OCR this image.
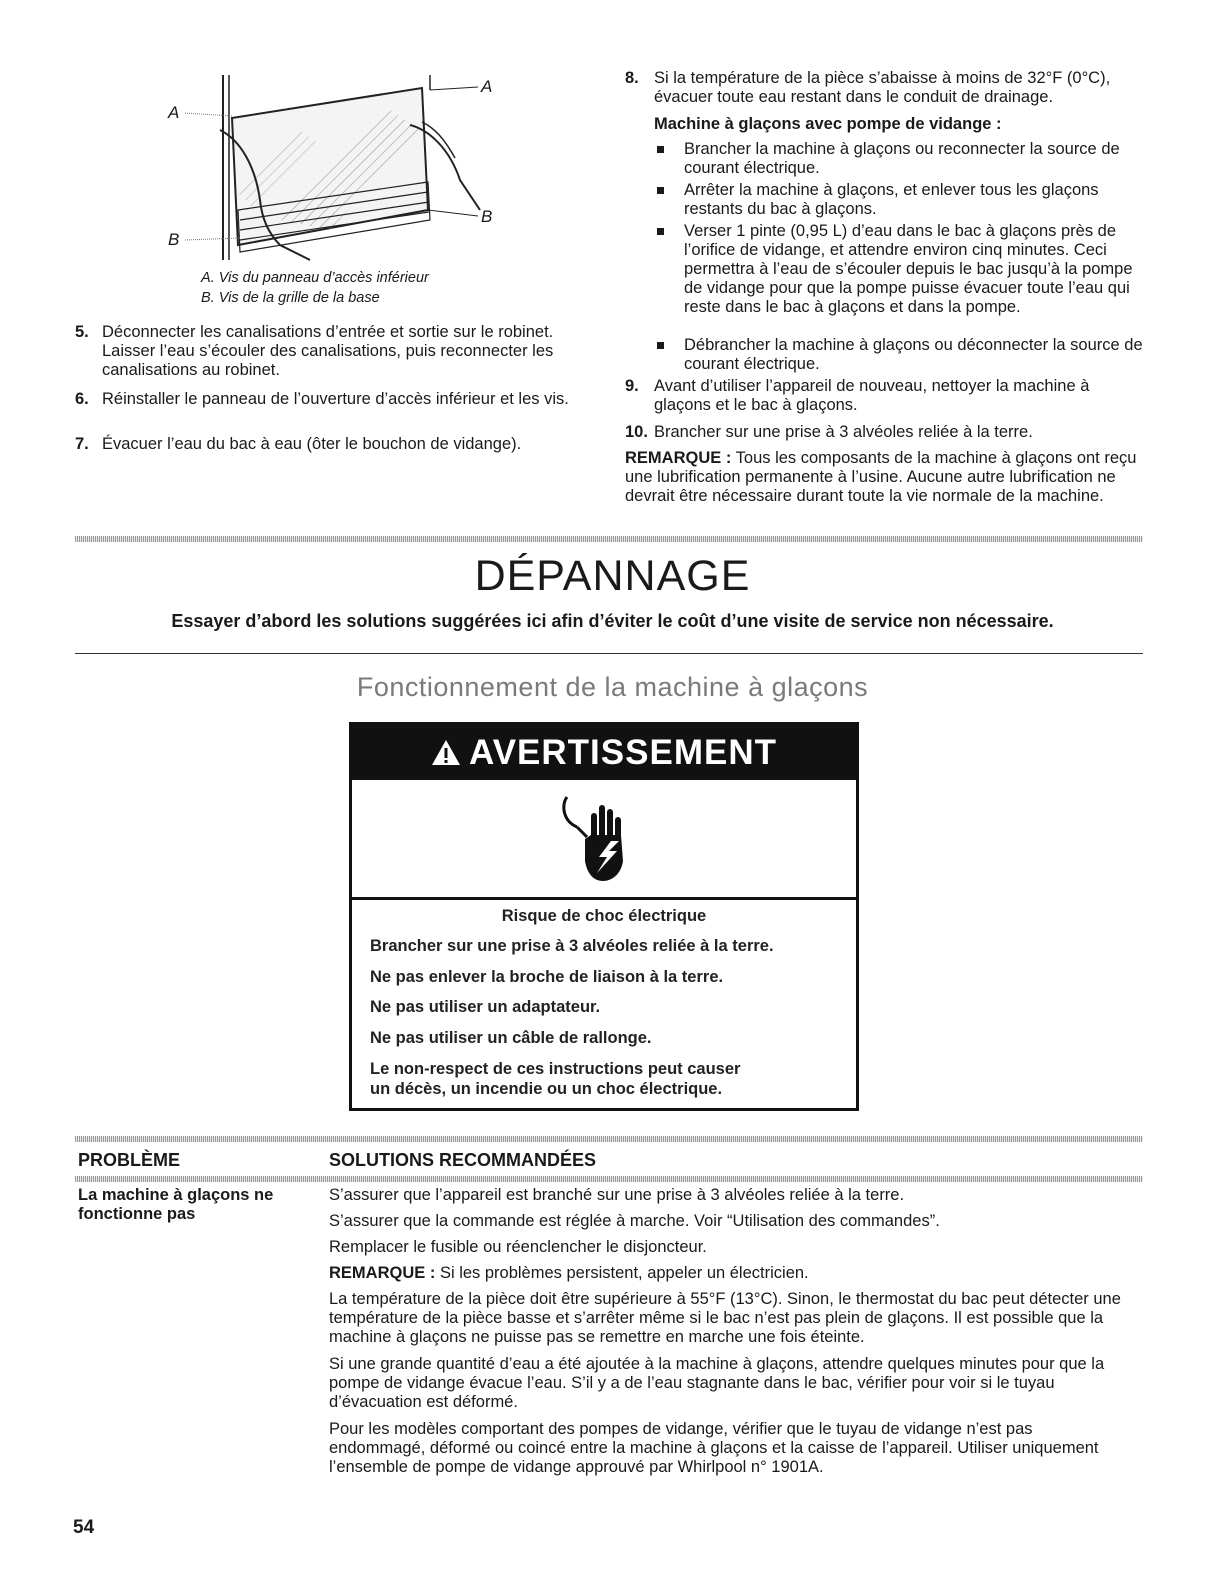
A
A
B
B
A. Vis du panneau d’accès inférieur
B. Vis de la grille de la base
5. Déconnecter les canalisations d’entrée et sortie sur le robinet. Laisser l’eau s’écouler des canalisations, puis reconnecter les canalisations au robinet.
6. Réinstaller le panneau de l’ouverture d’accès inférieur et les vis.
7. Évacuer l’eau du bac à eau (ôter le bouchon de vidange).
8. Si la température de la pièce s’abaisse à moins de 32°F (0°C), évacuer toute eau restant dans le conduit de drainage.
Machine à glaçons avec pompe de vidange :
Brancher la machine à glaçons ou reconnecter la source de courant électrique.
Arrêter la machine à glaçons, et enlever tous les glaçons restants du bac à glaçons.
Verser 1 pinte (0,95 L) d’eau dans le bac à glaçons près de l’orifice de vidange, et attendre environ cinq minutes. Ceci permettra à l’eau de s’écouler depuis le bac jusqu’à la pompe de vidange pour que la pompe puisse évacuer toute l’eau qui reste dans le bac à glaçons et dans la pompe.
Débrancher la machine à glaçons ou déconnecter la source de courant électrique.
9. Avant d’utiliser l’appareil de nouveau, nettoyer la machine à glaçons et le bac à glaçons.
10. Brancher sur une prise à 3 alvéoles reliée à la terre.
REMARQUE : Tous les composants de la machine à glaçons ont reçu une lubrification permanente à l’usine. Aucune autre lubrification ne devrait être nécessaire durant toute la vie normale de la machine.
DÉPANNAGE
Essayer d’abord les solutions suggérées ici afin d’éviter le coût d’une visite de service non nécessaire.
Fonctionnement de la machine à glaçons
AVERTISSEMENT
Risque de choc électrique
Brancher sur une prise à 3 alvéoles reliée à la terre.
Ne pas enlever la broche de liaison à la terre.
Ne pas utiliser un adaptateur.
Ne pas utiliser un câble de rallonge.
Le non-respect de ces instructions peut causer
un décès, un incendie ou un choc électrique.
PROBLÈME	SOLUTIONS RECOMMANDÉES
La machine à glaçons ne fonctionne pas
S’assurer que l’appareil est branché sur une prise à 3 alvéoles reliée à la terre.
S’assurer que la commande est réglée à marche. Voir “Utilisation des commandes”.
Remplacer le fusible ou réenclencher le disjoncteur.
REMARQUE : Si les problèmes persistent, appeler un électricien.
La température de la pièce doit être supérieure à 55°F (13°C). Sinon, le thermostat du bac peut détecter une température de la pièce basse et s’arrêter même si le bac n’est pas plein de glaçons. Il est possible que la machine à glaçons ne puisse pas se remettre en marche une fois éteinte.
Si une grande quantité d’eau a été ajoutée à la machine à glaçons, attendre quelques minutes pour que la pompe de vidange évacue l’eau. S’il y a de l’eau stagnante dans le bac, vérifier pour voir si le tuyau d’évacuation est déformé.
Pour les modèles comportant des pompes de vidange, vérifier que le tuyau de vidange n’est pas endommagé, déformé ou coincé entre la machine à glaçons et la caisse de l’appareil. Utiliser uniquement l’ensemble de pompe de vidange approuvé par Whirlpool n° 1901A.
54
